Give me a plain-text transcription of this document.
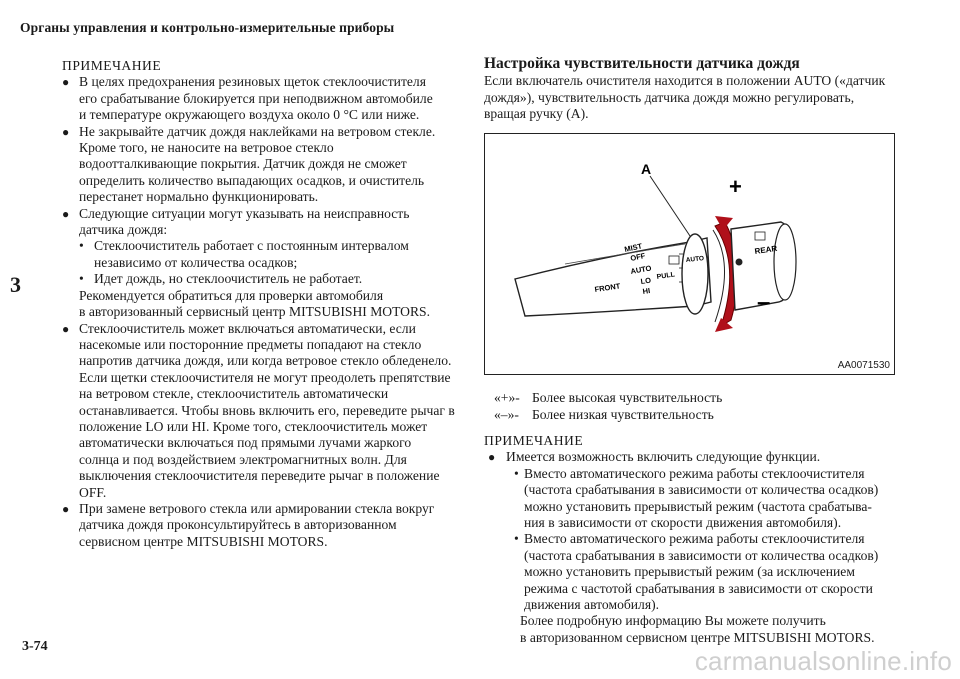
Органы управления и контрольно-измерительные приборы
3
3-74	carmanualsonline.info
ПРИМЕЧАНИЕ
● В целях предохранения резиновых щеток стеклоочистителя
его срабатывание блокируется при неподвижном автомобиле
и температуре окружающего воздуха около 0 °C или ниже.
● Не закрывайте датчик дождя наклейками на ветровом стекле.
Кроме того, не наносите на ветровое стекло
водоотталкивающие покрытия. Датчик дождя не сможет
определить количество выпадающих осадков, и очиститель
перестанет нормально функционировать.
● Следующие ситуации могут указывать на неисправность
датчика дождя:
• Стеклоочиститель работает с постоянным интервалом
независимо от количества осадков;
• Идет дождь, но стеклоочиститель не работает.
Рекомендуется обратиться для проверки автомобиля
в авторизованный сервисный центр MITSUBISHI MOTORS.
● Стеклоочиститель может включаться автоматически, если
насекомые или посторонние предметы попадают на стекло
напротив датчика дождя, или когда ветровое стекло обледенело.
Если щетки стеклоочистителя не могут преодолеть препятствие
на ветровом стекле, стеклоочиститель автоматически
останавливается. Чтобы вновь включить его, переведите рычаг в
положение LO или HI. Кроме того, стеклоочиститель может
автоматически включаться под прямыми лучами жаркого
солнца и под воздействием электромагнитных волн. Для
выключения стеклоочистителя переведите рычаг в положение
OFF.
● При замене ветрового стекла или армировании стекла вокруг
датчика дождя проконсультируйтесь в авторизованном
сервисном центре MITSUBISHI MOTORS.
Настройка чувствительности датчика дождя
Если включатель очистителя находится в положении AUTO («датчик
дождя»), чувствительность датчика дождя можно регулировать,
вращая ручку (A).
A
+
–
MIST
OFF
AUTO
LO
HI
FRONT
PULL
AUTO
REAR
AA0071530
«+»- Более высокая чувствительность
«–»- Более низкая чувствительность
ПРИМЕЧАНИЕ
● Имеется возможность включить следующие функции.
• Вместо автоматического режима работы стеклоочистителя
(частота срабатывания в зависимости от количества осадков)
можно установить прерывистый режим (частота срабатыва-
ния в зависимости от скорости движения автомобиля).
• Вместо автоматического режима работы стеклоочистителя
(частота срабатывания в зависимости от количества осадков)
можно установить прерывистый режим (за исключением
режима с частотой срабатывания в зависимости от скорости
движения автомобиля).
Более подробную информацию Вы можете получить
в авторизованном сервисном центре MITSUBISHI MOTORS.
